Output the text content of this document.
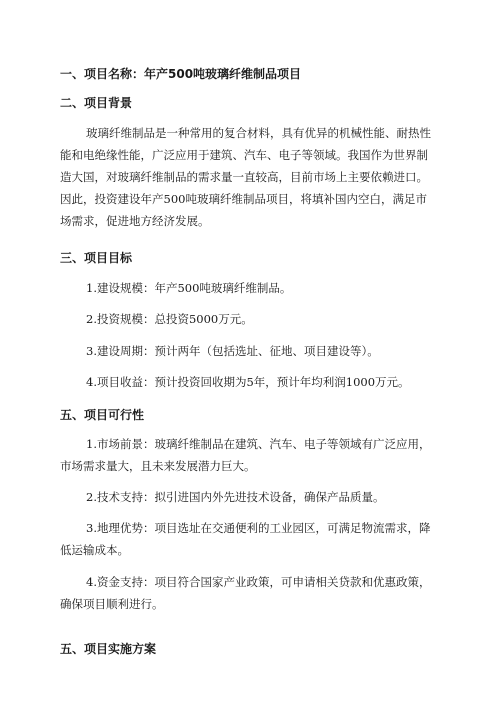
一、项目名称：年产500吨玻璃纤维制品项目
二、项目背景
玻璃纤维制品是一种常用的复合材料，具有优异的机械性能、耐热性能和电绝缘性能，广泛应用于建筑、汽车、电子等领域。我国作为世界制造大国，对玻璃纤维制品的需求量一直较高，目前市场上主要依赖进口。因此，投资建设年产500吨玻璃纤维制品项目，将填补国内空白，满足市场需求，促进地方经济发展。
三、项目目标
1.建设规模：年产500吨玻璃纤维制品。
2.投资规模：总投资5000万元。
3.建设周期：预计两年（包括选址、征地、项目建设等）。
4.项目收益：预计投资回收期为5年，预计年均利润1000万元。
五、项目可行性
1.市场前景：玻璃纤维制品在建筑、汽车、电子等领域有广泛应用，市场需求量大，且未来发展潜力巨大。
2.技术支持：拟引进国内外先进技术设备，确保产品质量。
3.地理优势：项目选址在交通便利的工业园区，可满足物流需求，降低运输成本。
4.资金支持：项目符合国家产业政策，可申请相关贷款和优惠政策，确保项目顺利进行。
五、项目实施方案
